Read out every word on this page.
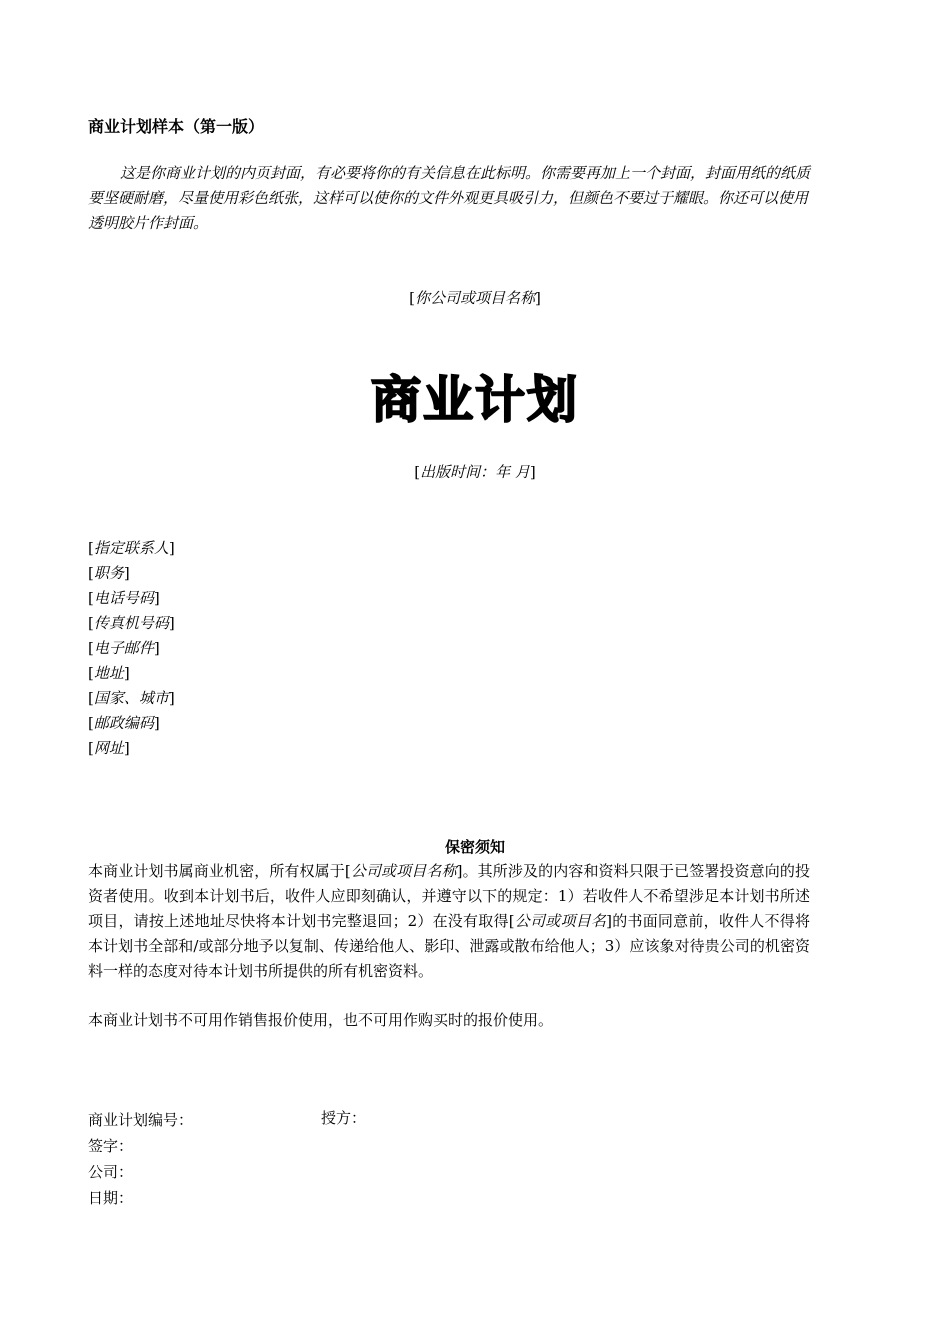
商业计划样本（第一版）
这是你商业计划的内页封面，有必要将你的有关信息在此标明。你需要再加上一个封面，封面用纸的纸质要坚硬耐磨，尽量使用彩色纸张，这样可以使你的文件外观更具吸引力，但颜色不要过于耀眼。你还可以使用透明胶片作封面。
[你公司或项目名称]
商业计划
[出版时间：年 月]
[指定联系人]
[职务]
[电话号码]
[传真机号码]
[电子邮件]
[地址]
[国家、城市]
[邮政编码]
[网址]
保密须知
本商业计划书属商业机密，所有权属于[公司或项目名称]。其所涉及的内容和资料只限于已签署投资意向的投资者使用。收到本计划书后，收件人应即刻确认，并遵守以下的规定：1）若收件人不希望涉足本计划书所述项目，请按上述地址尽快将本计划书完整退回；2）在没有取得[公司或项目名]的书面同意前，收件人不得将本计划书全部和/或部分地予以复制、传递给他人、影印、泄露或散布给他人；3）应该象对待贵公司的机密资料一样的态度对待本计划书所提供的所有机密资料。
本商业计划书不可用作销售报价使用，也不可用作购买时的报价使用。
商业计划编号：
签字：
公司：
日期：
授方：
